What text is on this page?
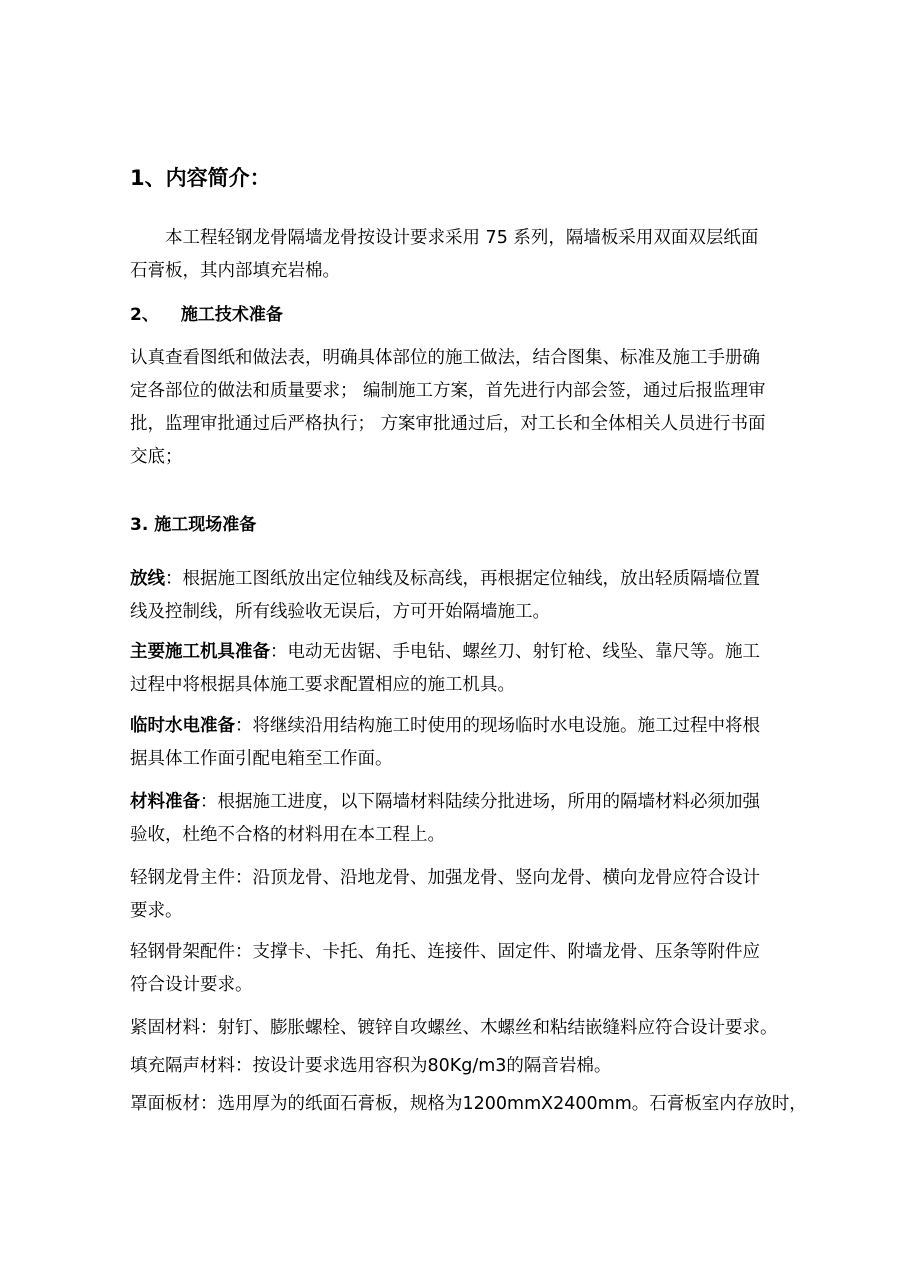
1、内容简介：
本工程轻钢龙骨隔墙龙骨按设计要求采用 75 系列，隔墙板采用双面双层纸面
石膏板，其内部填充岩棉。
2、 施工技术准备
认真查看图纸和做法表，明确具体部位的施工做法，结合图集、标准及施工手册确
定各部位的做法和质量要求； 编制施工方案，首先进行内部会签，通过后报监理审
批，监理审批通过后严格执行； 方案审批通过后，对工长和全体相关人员进行书面
交底；
3. 施工现场准备
放线：根据施工图纸放出定位轴线及标高线，再根据定位轴线，放出轻质隔墙位置
线及控制线，所有线验收无误后，方可开始隔墙施工。
主要施工机具准备：电动无齿锯、手电钻、螺丝刀、射钉枪、线坠、靠尺等。施工
过程中将根据具体施工要求配置相应的施工机具。
临时水电准备：将继续沿用结构施工时使用的现场临时水电设施。施工过程中将根
据具体工作面引配电箱至工作面。
材料准备：根据施工进度，以下隔墙材料陆续分批进场，所用的隔墙材料必须加强
验收，杜绝不合格的材料用在本工程上。
轻钢龙骨主件：沿顶龙骨、沿地龙骨、加强龙骨、竖向龙骨、横向龙骨应符合设计
要求。
轻钢骨架配件：支撑卡、卡托、角托、连接件、固定件、附墙龙骨、压条等附件应
符合设计要求。
紧固材料：射钉、膨胀螺栓、镀锌自攻螺丝、木螺丝和粘结嵌缝料应符合设计要求。
填充隔声材料：按设计要求选用容积为80Kg/m3的隔音岩棉。
罩面板材：选用厚为的纸面石膏板，规格为1200mmX2400mm。石膏板室内存放时，
